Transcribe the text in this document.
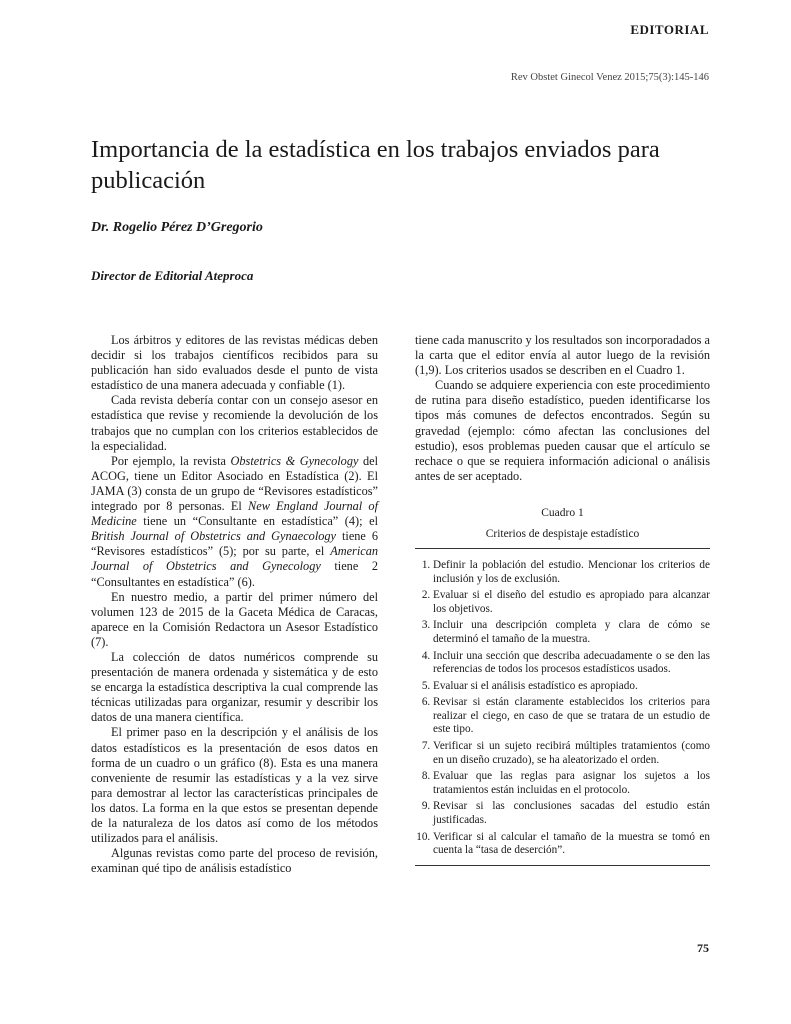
EDITORIAL
Rev Obstet Ginecol Venez 2015;75(3):145-146
Importancia de la estadística en los trabajos enviados para publicación
Dr. Rogelio Pérez D’Gregorio
Director de Editorial Ateproca

Los árbitros y editores de las revistas médicas deben decidir si los trabajos científicos recibidos para su publicación han sido evaluados desde el punto de vista estadístico de una manera adecuada y confiable (1).

Cada revista debería contar con un consejo asesor en estadística que revise y recomiende la devolución de los trabajos que no cumplan con los criterios establecidos de la especialidad.

Por ejemplo, la revista Obstetrics & Gynecology del ACOG, tiene un Editor Asociado en Estadística (2). El JAMA (3) consta de un grupo de “Revisores estadísticos” integrado por 8 personas. El New England Journal of Medicine tiene un “Consultante en estadística” (4); el British Journal of Obstetrics and Gynaecology tiene 6 “Revisores estadísticos” (5); por su parte, el American Journal of Obstetrics and Gynecology tiene 2 “Consultantes en estadística” (6).

En nuestro medio, a partir del primer número del volumen 123 de 2015 de la Gaceta Médica de Caracas, aparece en la Comisión Redactora un Asesor Estadístico (7).

La colección de datos numéricos comprende su presentación de manera ordenada y sistemática y de esto se encarga la estadística descriptiva la cual comprende las técnicas utilizadas para organizar, resumir y describir los datos de una manera científica.

El primer paso en la descripción y el análisis de los datos estadísticos es la presentación de esos datos en forma de un cuadro o un gráfico (8). Esta es una manera conveniente de resumir las estadísticas y a la vez sirve para demostrar al lector las características principales de los datos. La forma en la que estos se presentan depende de la naturaleza de los datos así como de los métodos utilizados para el análisis.

Algunas revistas como parte del proceso de revisión, examinan qué tipo de análisis estadístico

tiene cada manuscrito y los resultados son incorporadados a la carta que el editor envía al autor luego de la revisión (1,9). Los criterios usados se describen en el Cuadro 1.

Cuando se adquiere experiencia con este procedimiento de rutina para diseño estadístico, pueden identificarse los tipos más comunes de defectos encontrados. Según su gravedad (ejemplo: cómo afectan las conclusiones del estudio), esos problemas pueden causar que el artículo se rechace o que se requiera información adicional o análisis antes de ser aceptado.

Cuadro 1
Criterios de despistaje estadístico
1. Definir la población del estudio. Mencionar los criterios de inclusión y los de exclusión.
2. Evaluar si el diseño del estudio es apropiado para alcanzar los objetivos.
3. Incluir una descripción completa y clara de cómo se determinó el tamaño de la muestra.
4. Incluir una sección que describa adecuadamente o se den las referencias de todos los procesos estadísticos usados.
5. Evaluar si el análisis estadístico es apropiado.
6. Revisar si están claramente establecidos los criterios para realizar el ciego, en caso de que se tratara de un estudio de este tipo.
7. Verificar si un sujeto recibirá múltiples tratamientos (como en un diseño cruzado), se ha aleatorizado el orden.
8. Evaluar que las reglas para asignar los sujetos a los tratamientos están incluidas en el protocolo.
9. Revisar si las conclusiones sacadas del estudio están justificadas.
10. Verificar si al calcular el tamaño de la muestra se tomó en cuenta la “tasa de deserción”.
75
